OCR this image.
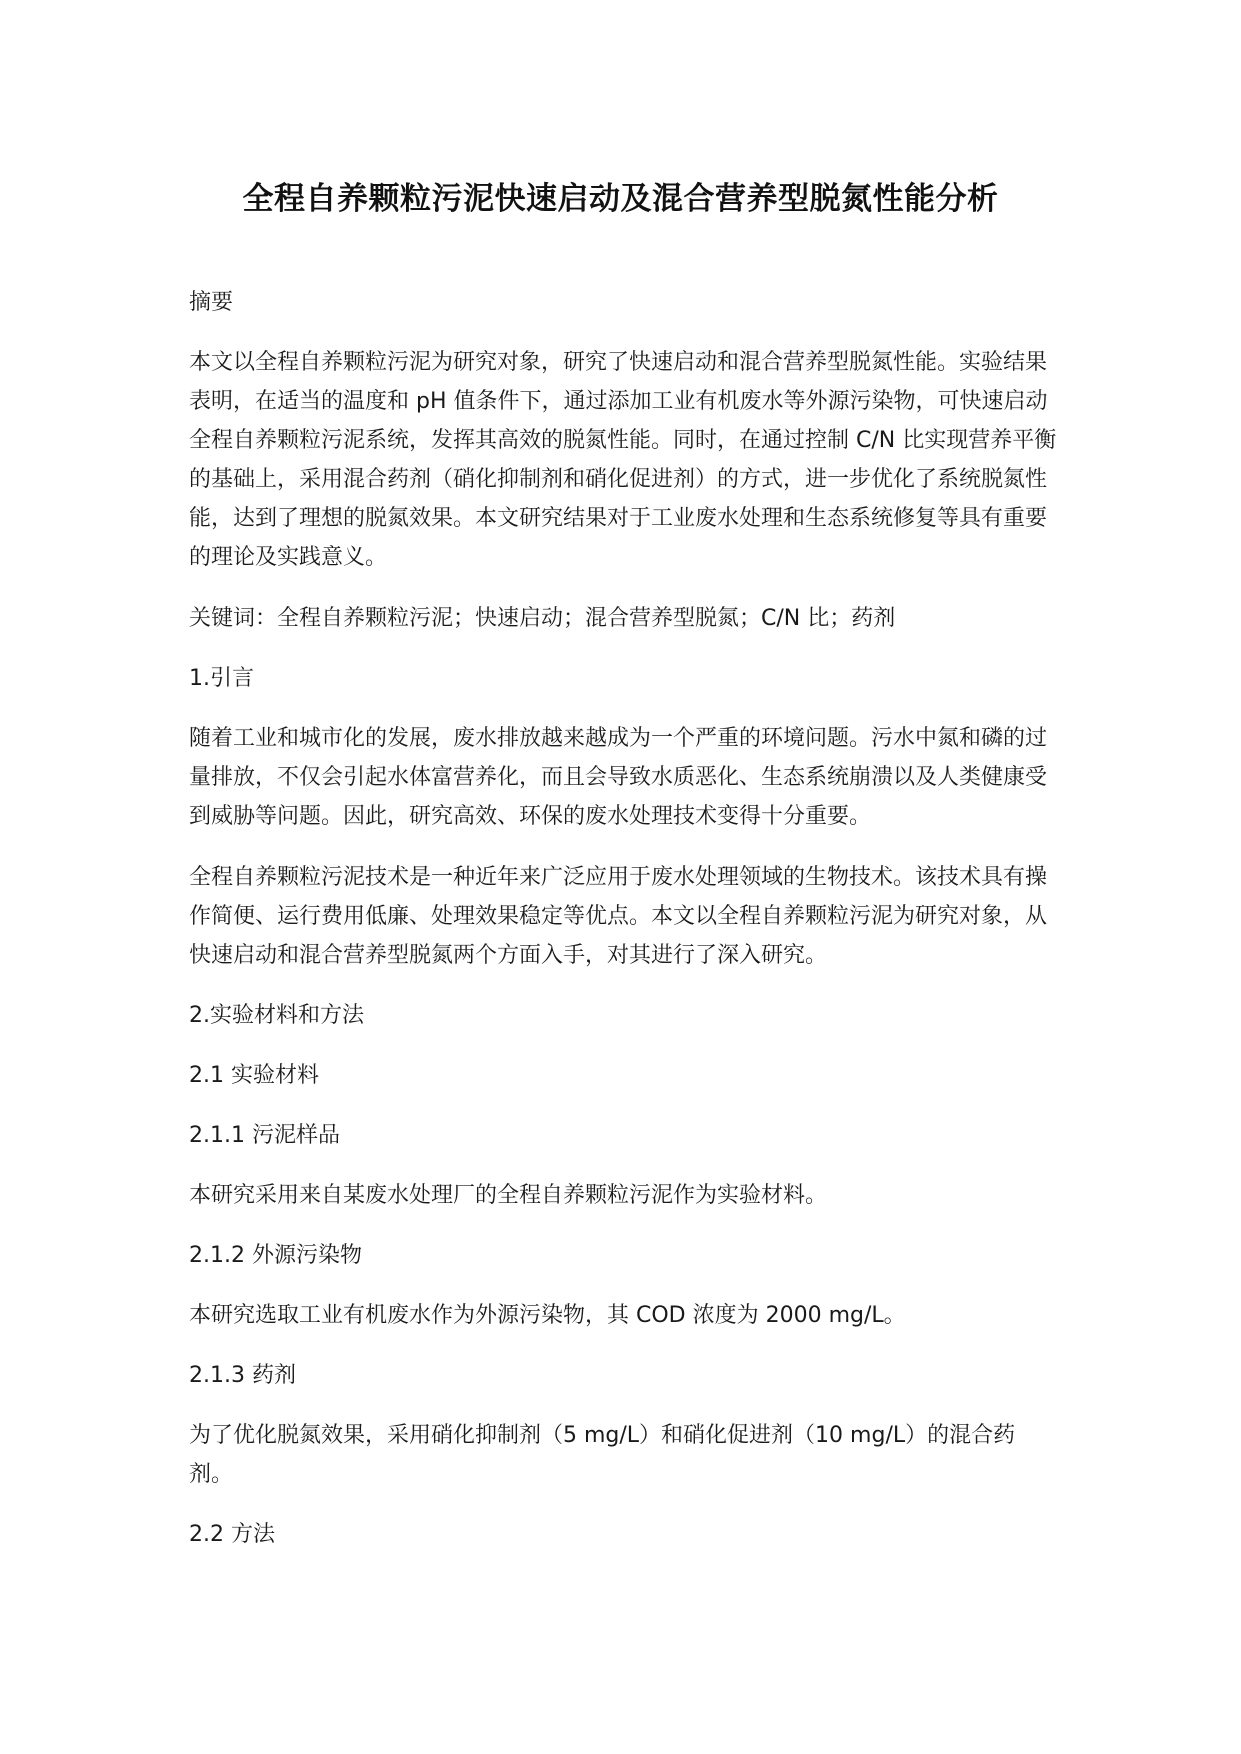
全程自养颗粒污泥快速启动及混合营养型脱氮性能分析

摘要

本文以全程自养颗粒污泥为研究对象，研究了快速启动和混合营养型脱氮性能。实验结果表明，在适当的温度和 pH 值条件下，通过添加工业有机废水等外源污染物，可快速启动全程自养颗粒污泥系统，发挥其高效的脱氮性能。同时，在通过控制 C/N 比实现营养平衡的基础上，采用混合药剂（硝化抑制剂和硝化促进剂）的方式，进一步优化了系统脱氮性能，达到了理想的脱氮效果。本文研究结果对于工业废水处理和生态系统修复等具有重要的理论及实践意义。

关键词：全程自养颗粒污泥；快速启动；混合营养型脱氮；C/N 比；药剂

1.引言

随着工业和城市化的发展，废水排放越来越成为一个严重的环境问题。污水中氮和磷的过量排放，不仅会引起水体富营养化，而且会导致水质恶化、生态系统崩溃以及人类健康受到威胁等问题。因此，研究高效、环保的废水处理技术变得十分重要。

全程自养颗粒污泥技术是一种近年来广泛应用于废水处理领域的生物技术。该技术具有操作简便、运行费用低廉、处理效果稳定等优点。本文以全程自养颗粒污泥为研究对象，从快速启动和混合营养型脱氮两个方面入手，对其进行了深入研究。

2.实验材料和方法

2.1 实验材料

2.1.1 污泥样品

本研究采用来自某废水处理厂的全程自养颗粒污泥作为实验材料。

2.1.2 外源污染物

本研究选取工业有机废水作为外源污染物，其 COD 浓度为 2000 mg/L。

2.1.3 药剂

为了优化脱氮效果，采用硝化抑制剂（5 mg/L）和硝化促进剂（10 mg/L）的混合药剂。

2.2 方法
